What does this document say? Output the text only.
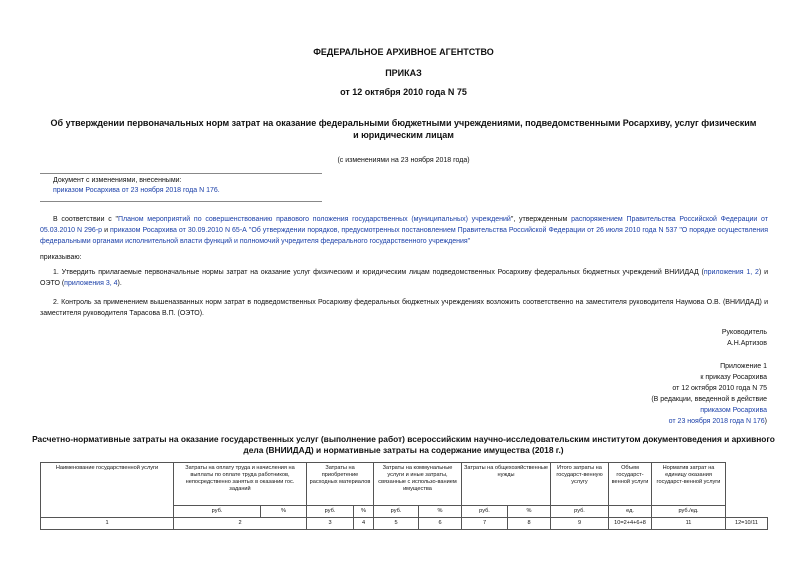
ФЕДЕРАЛЬНОЕ АРХИВНОЕ АГЕНТСТВО
ПРИКАЗ
от 12 октября 2010 года N 75
Об утверждении первоначальных норм затрат на оказание федеральными бюджетными учреждениями, подведомственными Росархиву, услуг физическим и юридическим лицам
(с изменениями на 23 ноября 2018 года)
Документ с изменениями, внесенными:
приказом Росархива от 23 ноября 2018 года N 176.
В соответствии с "Планом мероприятий по совершенствованию правового положения государственных (муниципальных) учреждений", утвержденным распоряжением Правительства Российской Федерации от 05.03.2010 N 296-р и приказом Росархива от 30.09.2010 N 65-А "Об утверждении порядков, предусмотренных постановлением Правительства Российской Федерации от 26 июля 2010 года N 537 "О порядке осуществления федеральными органами исполнительной власти функций и полномочий учредителя федерального государственного учреждения"
приказываю:
1. Утвердить прилагаемые первоначальные нормы затрат на оказание услуг физическим и юридическим лицам подведомственных Росархиву федеральных бюджетных учреждений ВНИИДАД (приложения 1, 2) и ОЭТО (приложения 3, 4).
2. Контроль за применением вышеназванных норм затрат в подведомственных Росархиву федеральных бюджетных учреждениях возложить соответственно на заместителя руководителя Наумова О.В. (ВНИИДАД) и заместителя руководителя Тарасова В.П. (ОЭТО).
Руководитель
А.Н.Артизов
Приложение 1
к приказу Росархива
от 12 октября 2010 года N 75
(В редакции, введенной в действие
приказом Росархива
от 23 ноября 2018 года N 176)
Расчетно-нормативные затраты на оказание государственных услуг (выполнение работ) всероссийским научно-исследовательским институтом документоведения и архивного дела (ВНИИДАД) и нормативные затраты на содержание имущества (2018 г.)
Наименование государственной услуги	Затраты на оплату труда и начисления на выплаты по оплате труда работников, непосредственно занятых в оказании гос. заданий		Затраты на приобретение расходных материалов		Затраты на коммунальные услуги и иные затраты, связанные с использо-ванием имущества		Затраты на общехозяйственные нужды		Итого затраты на государст-венную услугу	Объем государст-венной услуги	Норматив затрат на единицу оказания государст-венной услуги	
	руб.	%	руб.	%	руб.	%	руб.	%	руб.	ед.	руб./ед.	
1	2		3	4	5	6	7	8	9	10=2+4+6+8	11	12=10/11
